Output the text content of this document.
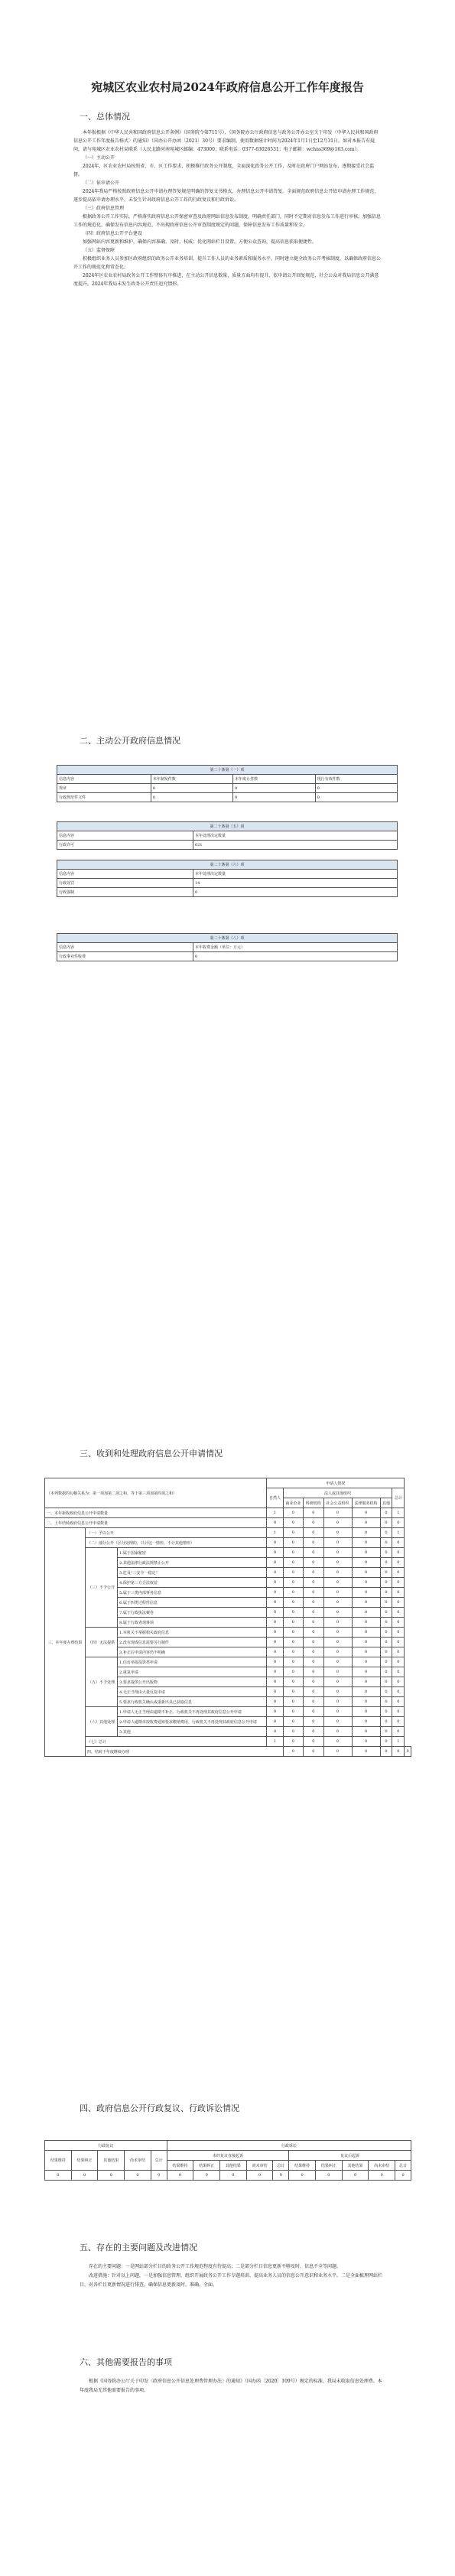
宛城区农业农村局2024年政府信息公开工作年度报告
一、总体情况

本年报根据《中华人民共和国政府信息公开条例》（国务院令第711号）、《国务院办公厅政府信息与政务公开办公室关于印发〈中华人民共和国政府信息公开工作年度报告格式〉的通知》（国办公开办函〔2021〕30号）要求编制。使用数据统计时间为2024年1月1日至12月31日。如对本报告有疑问，请与宛城区农业农村局联系（人民北路河南宛城区邮编：473000；联系电话：0377-63026531；电子邮箱：wchns369@163.com）。

（一）主动公开

2024年，区农业农村局按照省、市、区工作要求，积极推行政务公开制度，全面深化政务公开工作，及时在政府门户网站发布，逐期接受社会监督。

（二）依申请公开

2024年我局严格按照政府信息公开申请办理答复规范明确的答复文书格式，办理信息公开申请答复。全面规范政府信息公开依申请办理工作规范，逐步提高依申请办理水平，未发生针对政府信息公开工作的行政复议和行政诉讼。

（三）政府信息管理

根据政务公开工作实际，严格落实政府信息公开保密审查及政府网站信息发布制度，明确责任部门，同时不定期对信息发布工作进行审核，加强信息工作的规范化，确保发布信息内容规范、不出现政府信息公开审查制度规定的问题，保障信息发布工作质量和安全。

（四）政府信息公开平台建设

加强网站内容更新和维护，确保内容准确、及时、权威；优化网站栏目设置，方便公众查询，提高信息获取便捷性。

（五）监督保障

积极组织业务人员参加区政府组织的政务公开业务培训，提升工作人员的业务素质和服务水平。同时建立健全政务公开考核制度，以确保政府信息公开工作的规范化和常态化。

2024年区农业农村局政务公开工作整体有序推进，在主动公开信息数量、质量方面均有提升，依申请公开回复规范，社会公众对我局信息公开满意度提升，2024年我局未发生政务公开责任追究情形。

二、主动公开政府信息情况
第二十条第（一）项			
信息内容	本年制发件数	本年废止件数	现行有效件数
规章	0	0	0
行政规范性文件	0	0	0
第二十条第（五）项	
信息内容	本年处理决定数量
行政许可	621
第二十条第（六）项	
信息内容	本年处理决定数量
行政处罚	14
行政强制	0
第二十条第（八）项	
信息内容	本年收费金额（单位：万元）
行政事业性收费	0
三、收到和处理政府信息公开申请情况
（本列数据的勾稽关系为：第一项加第二项之和，等于第三项加第四项之和）			申请人情况							
			自然人	法人或其他组织					总计	
				商业企业	科研机构	社会公益组织	法律服务机构	其他		
一、本年新收政府信息公开申请数量			1	0	0	0	0	0	1	
二、上年结转政府信息公开申请数量			0	0	0	0	0	0	0	
三、本年度办理结果	（一）予以公开		1	0	0	0	0	0	1	
	（二）部分公开（区分处理的，只计这一情形，不计其他情形）		0	0	0	0	0	0	0	
	（三）不予公开	1.属于国家秘密	0	0	0	0	0	0	0	
		2.其他法律行政法规禁止公开	0	0	0	0	0	0	0	
		3.危及“三安全一稳定”	0	0	0	0	0	0	0	
		4.保护第三方合法权益	0	0	0	0	0	0	0	
		5.属于三类内部事务信息	0	0	0	0	0	0	0	
		6.属于四类过程性信息	0	0	0	0	0	0	0	
		7.属于行政执法案卷	0	0	0	0	0	0	0	
		8.属于行政查询事项	0	0	0	0	0	0	0	
	（四）无法提供	1.本机关不掌握相关政府信息	0	0	0	0	0	0	0	
		2.没有现成信息需要另行制作	0	0	0	0	0	0	0	
		3.补正后申请内容仍不明确	0	0	0	0	0	0	0	
	（五）不予处理	1.信访举报投诉类申请	0	0	0	0	0	0	0	
		2.重复申请	0	0	0	0	0	0	0	
		3.要求提供公开出版物	0	0	0	0	0	0	0	
		4.无正当理由大量反复申请	0	0	0	0	0	0	0	
		5.要求行政机关确认或重新出具已获取信息	0	0	0	0	0	0	0	
	（六）其他处理	1.申请人无正当理由逾期不补正、行政机关不再处理其政府信息公开申请	0	0	0	0	0	0	0	
		2.申请人逾期未按收费通知要求缴纳费用、行政机关不再处理其政府信息公开申请	0	0	0	0	0	0	0	
		3.其他	0	0	0	0	0	0	0	
	（七）总计		1	0	0	0	0	0	1	
	四、结转下年度继续办理			0	0	0	0	0	0	0
四、政府信息公开行政复议、行政诉讼情况
行政复议					行政诉讼									
结果维持	结果纠正	其他结果	尚未审结	总计	未经复议直接起诉					复议后起诉				
					结果维持	结果纠正	其他结果	尚未审结	总计	结果维持	结果纠正	其他结果	尚未审结	总计
0	0	0	0	0	0	0	0	0	0	0	0	0	0	0
五、存在的主要问题及改进情况

存在的主要问题：一是网站部分栏目的政务公开工作规范程度有待提高；二是部分栏目信息更新不够及时，信息不全等问题。

改进措施：针对以上问题，一是加强信息管理，组织开展政务公开工作专题培训，提高业务人员的信息公开意识和业务水平。二是全面梳理网站栏目，对各栏目更新情况进行排查，确保信息更新及时、准确、全面。

六、其他需要报告的事项

根据《国务院办公厅关于印发〈政府信息公开信息处理费管理办法〉的通知》（国办函〔2020〕109号）规定的标准，我局未收取信息处理费。本年度我局无其他需要报告的事项。
